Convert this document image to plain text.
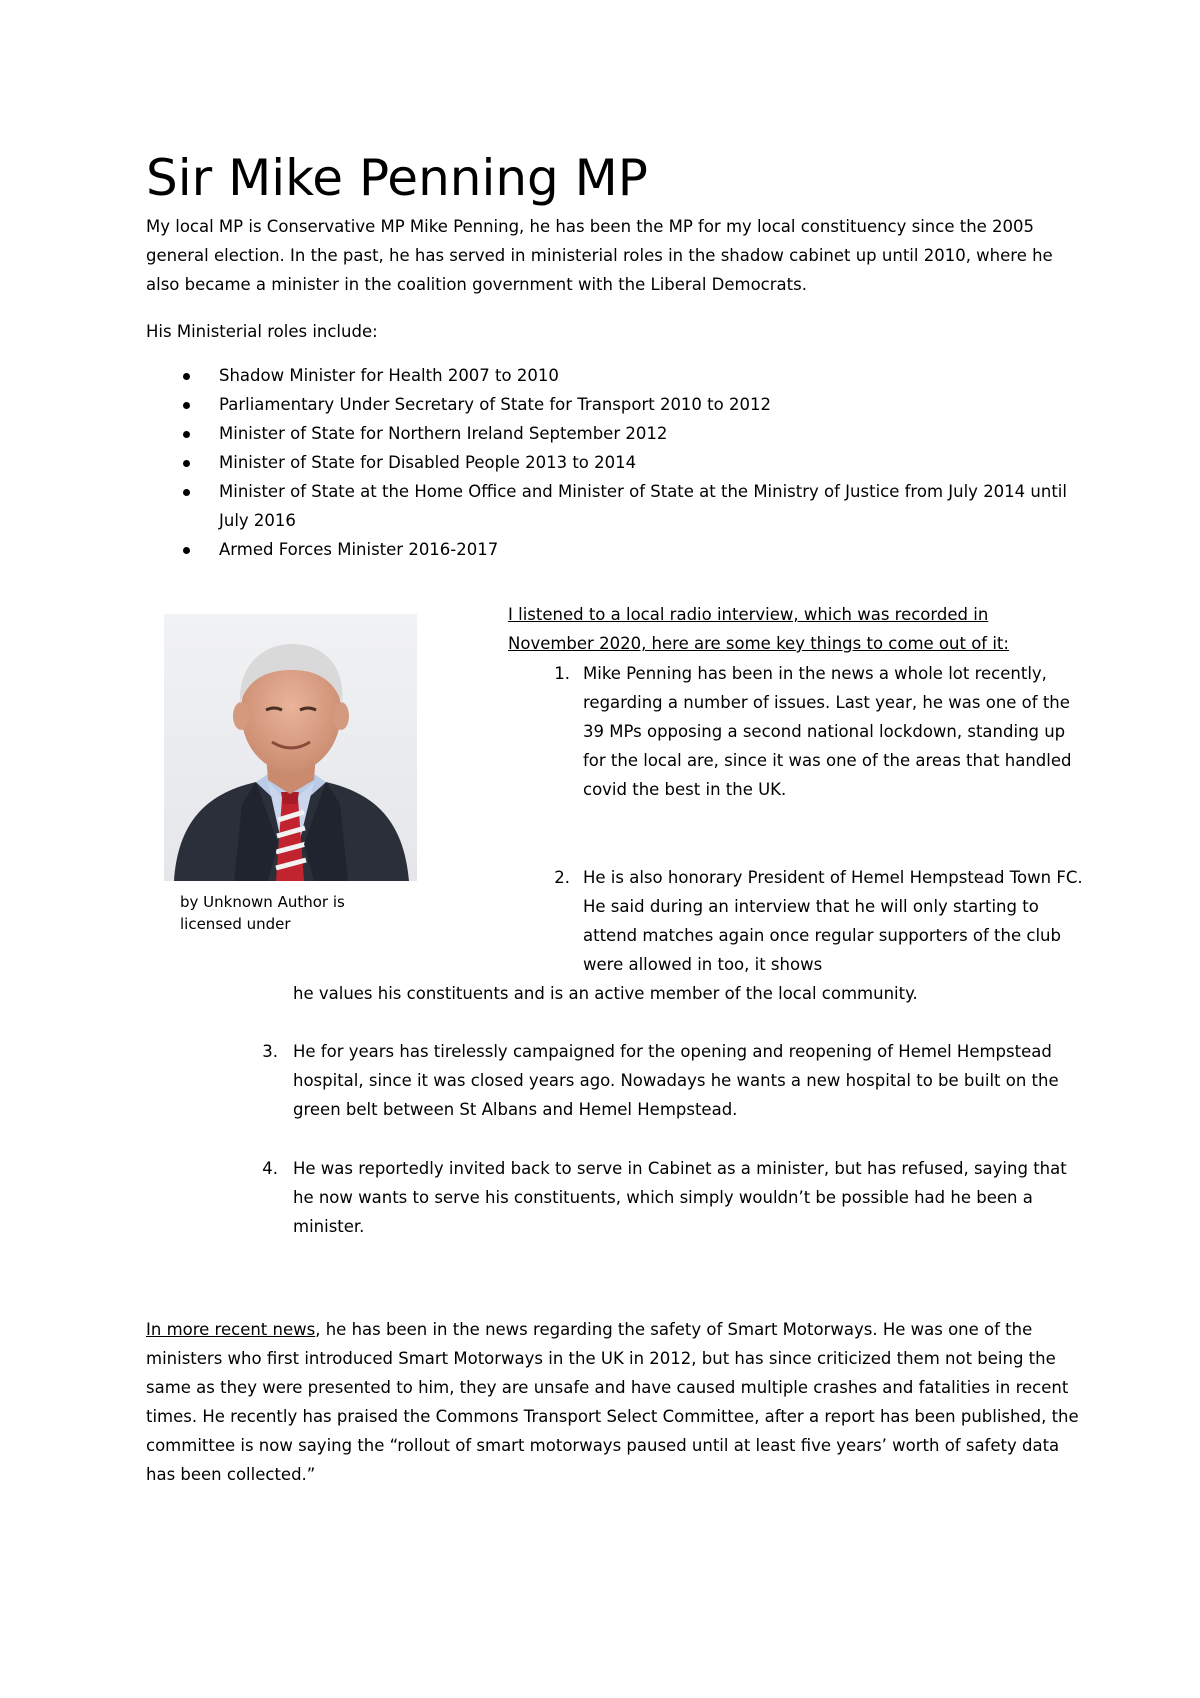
Sir Mike Penning MP

My local MP is Conservative MP Mike Penning, he has been the MP for my local constituency since the 2005 general election. In the past, he has served in ministerial roles in the shadow cabinet up until 2010, where he also became a minister in the coalition government with the Liberal Democrats.

His Ministerial roles include:

Shadow Minister for Health 2007 to 2010
Parliamentary Under Secretary of State for Transport 2010 to 2012
Minister of State for Northern Ireland September 2012
Minister of State for Disabled People 2013 to 2014
Minister of State at the Home Office and Minister of State at the Ministry of Justice from July 2014 until July 2016
Armed Forces Minister 2016-2017
by Unknown Author is licensed under

I listened to a local radio interview, which was recorded in November 2020, here are some key things to come out of it:

1. Mike Penning has been in the news a whole lot recently, regarding a number of issues. Last year, he was one of the 39 MPs opposing a second national lockdown, standing up for the local are, since it was one of the areas that handled covid the best in the UK.
2. He is also honorary President of Hemel Hempstead Town FC. He said during an interview that he will only starting to attend matches again once regular supporters of the club were allowed in too, it shows
he values his constituents and is an active member of the local community.
3. He for years has tirelessly campaigned for the opening and reopening of Hemel Hempstead hospital, since it was closed years ago. Nowadays he wants a new hospital to be built on the green belt between St Albans and Hemel Hempstead.
4. He was reportedly invited back to serve in Cabinet as a minister, but has refused, saying that he now wants to serve his constituents, which simply wouldn’t be possible had he been a minister.

In more recent news, he has been in the news regarding the safety of Smart Motorways. He was one of the ministers who first introduced Smart Motorways in the UK in 2012, but has since criticized them not being the same as they were presented to him, they are unsafe and have caused multiple crashes and fatalities in recent times. He recently has praised the Commons Transport Select Committee, after a report has been published, the committee is now saying the “rollout of smart motorways paused until at least five years’ worth of safety data has been collected.”
